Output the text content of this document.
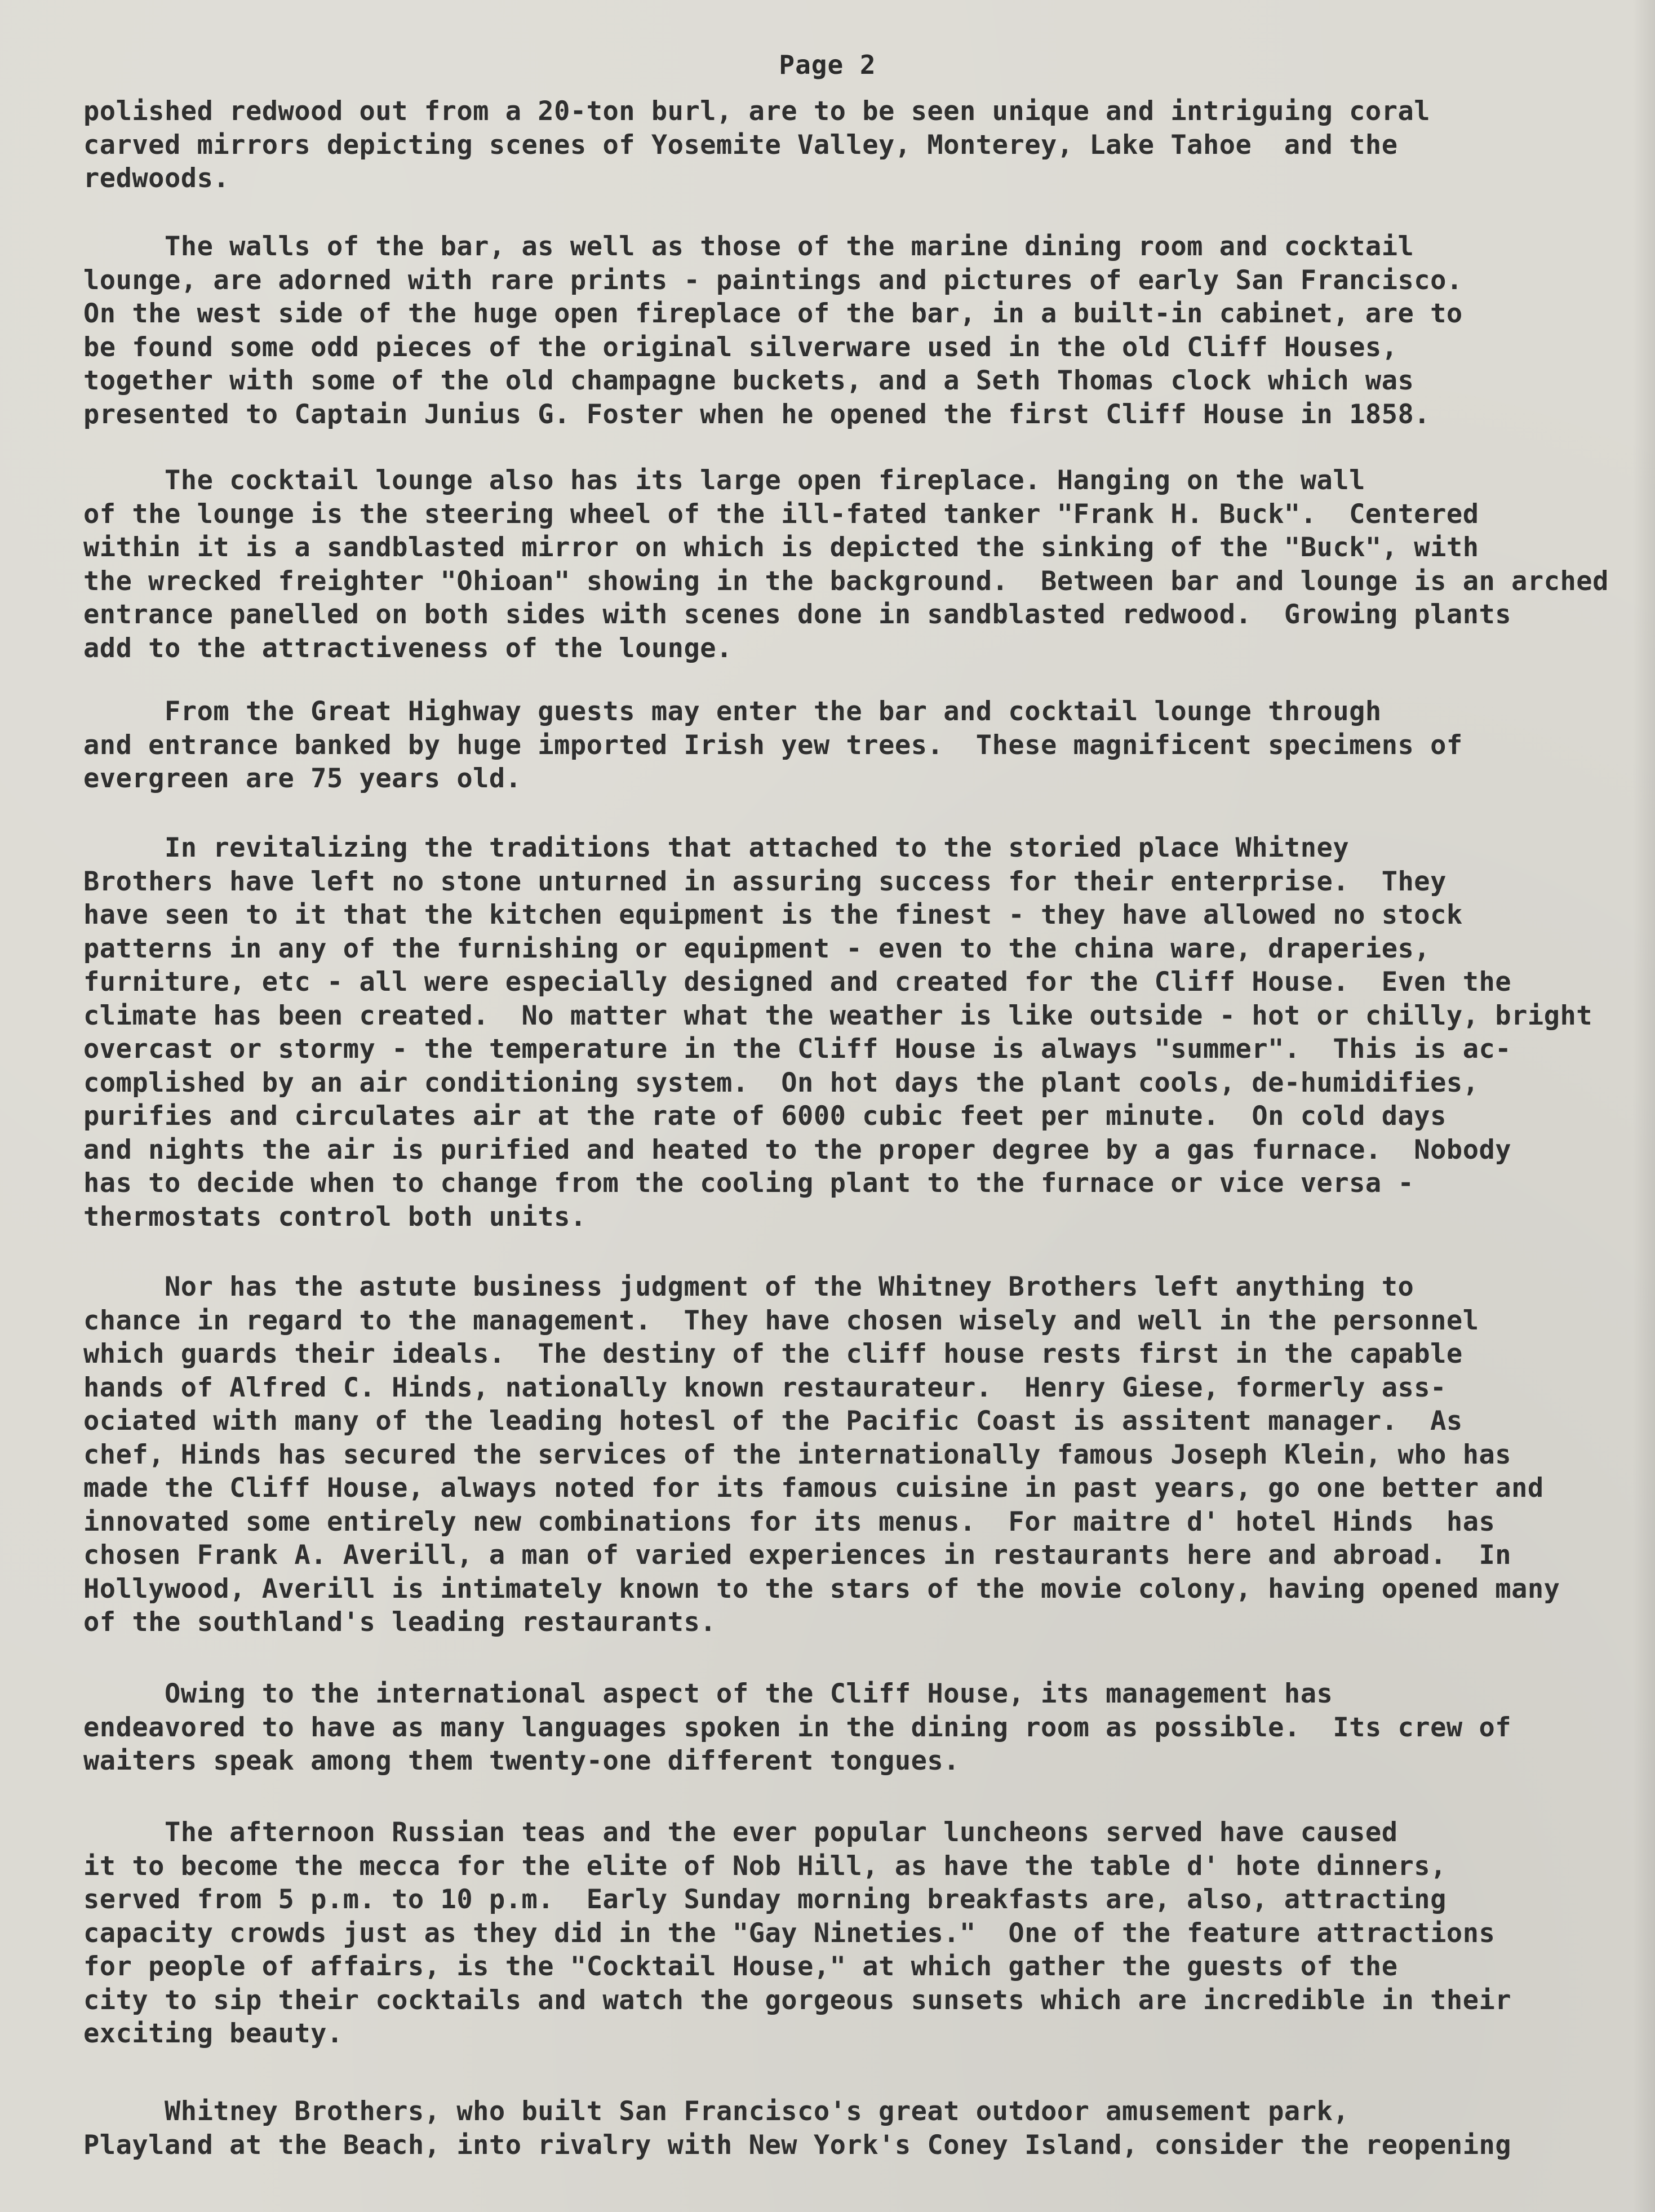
Page 2
polished redwood out from a 20-ton burl, are to be seen unique and intriguing coral
carved mirrors depicting scenes of Yosemite Valley, Monterey, Lake Tahoe  and the
redwoods.
The walls of the bar, as well as those of the marine dining room and cocktail
lounge, are adorned with rare prints - paintings and pictures of early San Francisco.
On the west side of the huge open fireplace of the bar, in a built-in cabinet, are to
be found some odd pieces of the original silverware used in the old Cliff Houses,
together with some of the old champagne buckets, and a Seth Thomas clock which was
presented to Captain Junius G. Foster when he opened the first Cliff House in 1858.
The cocktail lounge also has its large open fireplace. Hanging on the wall
of the lounge is the steering wheel of the ill-fated tanker "Frank H. Buck".  Centered
within it is a sandblasted mirror on which is depicted the sinking of the "Buck", with
the wrecked freighter "Ohioan" showing in the background.  Between bar and lounge is an arched
entrance panelled on both sides with scenes done in sandblasted redwood.  Growing plants
add to the attractiveness of the lounge.
From the Great Highway guests may enter the bar and cocktail lounge through
and entrance banked by huge imported Irish yew trees.  These magnificent specimens of
evergreen are 75 years old.
In revitalizing the traditions that attached to the storied place Whitney
Brothers have left no stone unturned in assuring success for their enterprise.  They
have seen to it that the kitchen equipment is the finest - they have allowed no stock
patterns in any of the furnishing or equipment - even to the china ware, draperies,
furniture, etc - all were especially designed and created for the Cliff House.  Even the
climate has been created.  No matter what the weather is like outside - hot or chilly, bright
overcast or stormy - the temperature in the Cliff House is always "summer".  This is ac-
complished by an air conditioning system.  On hot days the plant cools, de-humidifies,
purifies and circulates air at the rate of 6000 cubic feet per minute.  On cold days
and nights the air is purified and heated to the proper degree by a gas furnace.  Nobody
has to decide when to change from the cooling plant to the furnace or vice versa -
thermostats control both units.
Nor has the astute business judgment of the Whitney Brothers left anything to
chance in regard to the management.  They have chosen wisely and well in the personnel
which guards their ideals.  The destiny of the cliff house rests first in the capable
hands of Alfred C. Hinds, nationally known restaurateur.  Henry Giese, formerly ass-
ociated with many of the leading hotesl of the Pacific Coast is assitent manager.  As
chef, Hinds has secured the services of the internationally famous Joseph Klein, who has
made the Cliff House, always noted for its famous cuisine in past years, go one better and
innovated some entirely new combinations for its menus.  For maitre d' hotel Hinds  has
chosen Frank A. Averill, a man of varied experiences in restaurants here and abroad.  In
Hollywood, Averill is intimately known to the stars of the movie colony, having opened many
of the southland's leading restaurants.
Owing to the international aspect of the Cliff House, its management has
endeavored to have as many languages spoken in the dining room as possible.  Its crew of
waiters speak among them twenty-one different tongues.
The afternoon Russian teas and the ever popular luncheons served have caused
it to become the mecca for the elite of Nob Hill, as have the table d' hote dinners,
served from 5 p.m. to 10 p.m.  Early Sunday morning breakfasts are, also, attracting
capacity crowds just as they did in the "Gay Nineties."  One of the feature attractions
for people of affairs, is the "Cocktail House," at which gather the guests of the
city to sip their cocktails and watch the gorgeous sunsets which are incredible in their
exciting beauty.
Whitney Brothers, who built San Francisco's great outdoor amusement park,
Playland at the Beach, into rivalry with New York's Coney Island, consider the reopening
